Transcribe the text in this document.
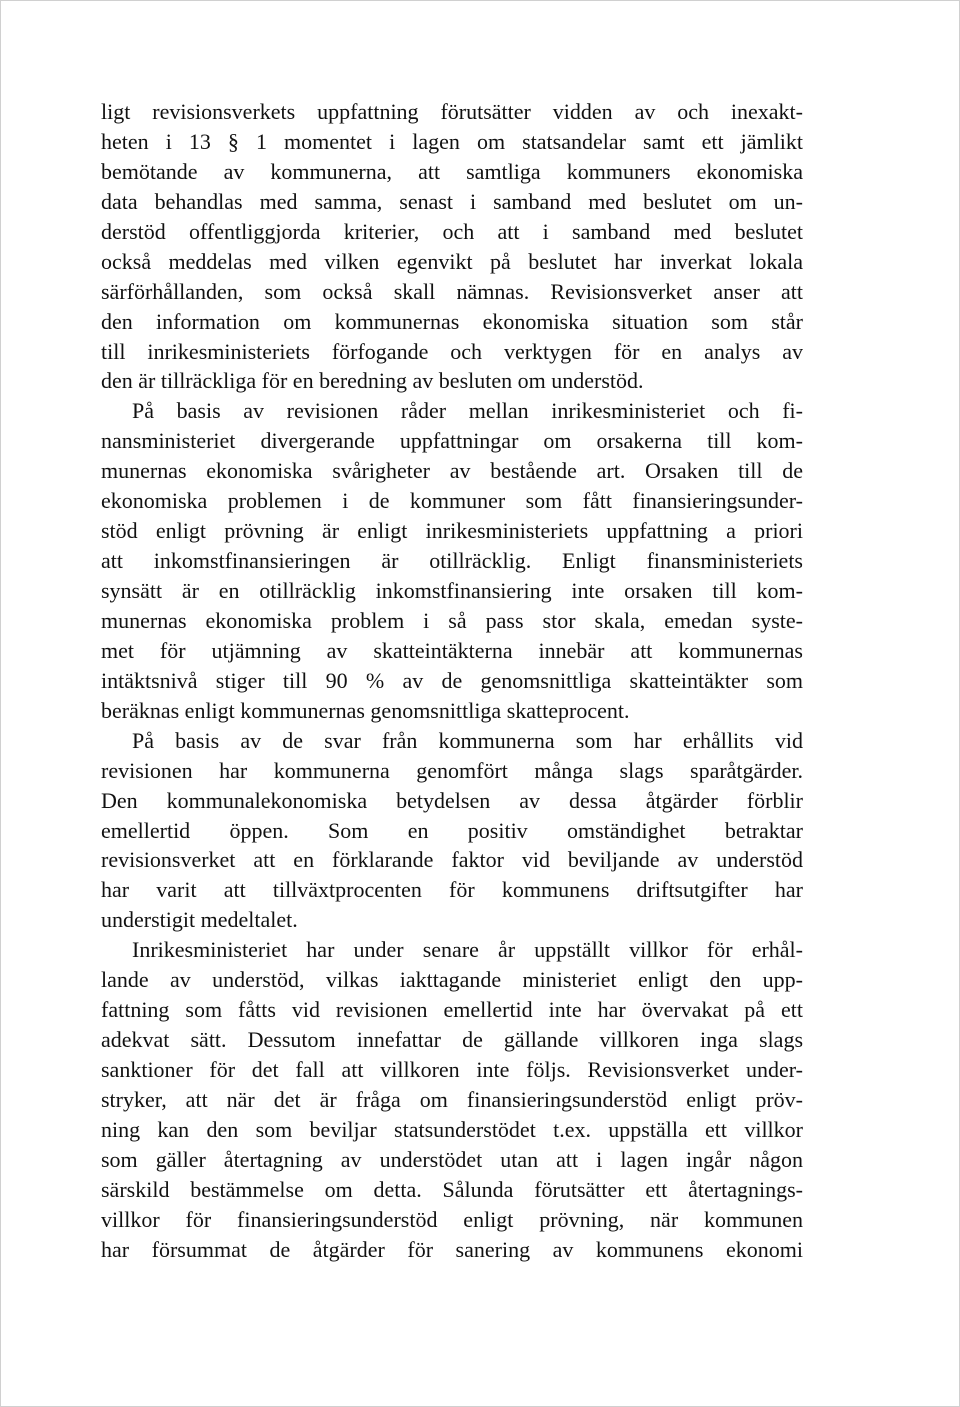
ligt revisionsverkets uppfattning förutsätter vidden av och inexakt-
heten i 13 § 1 momentet i lagen om statsandelar samt ett jämlikt
bemötande av kommunerna, att samtliga kommuners ekonomiska
data behandlas med samma, senast i samband med beslutet om un-
derstöd offentliggjorda kriterier, och att i samband med beslutet
också meddelas med vilken egenvikt på beslutet har inverkat lokala
särförhållanden, som också skall nämnas. Revisionsverket anser att
den information om kommunernas ekonomiska situation som står
till inrikesministeriets förfogande och verktygen för en analys av
den är tillräckliga för en beredning av besluten om understöd.
På basis av revisionen råder mellan inrikesministeriet och fi-
nansministeriet divergerande uppfattningar om orsakerna till kom-
munernas ekonomiska svårigheter av bestående art. Orsaken till de
ekonomiska problemen i de kommuner som fått finansieringsunder-
stöd enligt prövning är enligt inrikesministeriets uppfattning a priori
att inkomstfinansieringen är otillräcklig. Enligt finansministeriets
synsätt är en otillräcklig inkomstfinansiering inte orsaken till kom-
munernas ekonomiska problem i så pass stor skala, emedan syste-
met för utjämning av skatteintäkterna innebär att kommunernas
intäktsnivå stiger till 90 % av de genomsnittliga skatteintäkter som
beräknas enligt kommunernas genomsnittliga skatteprocent.
På basis av de svar från kommunerna som har erhållits vid
revisionen har kommunerna genomfört många slags sparåtgärder.
Den kommunalekonomiska betydelsen av dessa åtgärder förblir
emellertid öppen. Som en positiv omständighet betraktar
revisionsverket att en förklarande faktor vid beviljande av understöd
har varit att tillväxtprocenten för kommunens driftsutgifter har
understigit medeltalet.
Inrikesministeriet har under senare år uppställt villkor för erhål-
lande av understöd, vilkas iakttagande ministeriet enligt den upp-
fattning som fåtts vid revisionen emellertid inte har övervakat på ett
adekvat sätt. Dessutom innefattar de gällande villkoren inga slags
sanktioner för det fall att villkoren inte följs. Revisionsverket under-
stryker, att när det är fråga om finansieringsunderstöd enligt pröv-
ning kan den som beviljar statsunderstödet t.ex. uppställa ett villkor
som gäller återtagning av understödet utan att i lagen ingår någon
särskild bestämmelse om detta. Sålunda förutsätter ett återtagnings-
villkor för finansieringsunderstöd enligt prövning, när kommunen
har försummat de åtgärder för sanering av kommunens ekonomi
